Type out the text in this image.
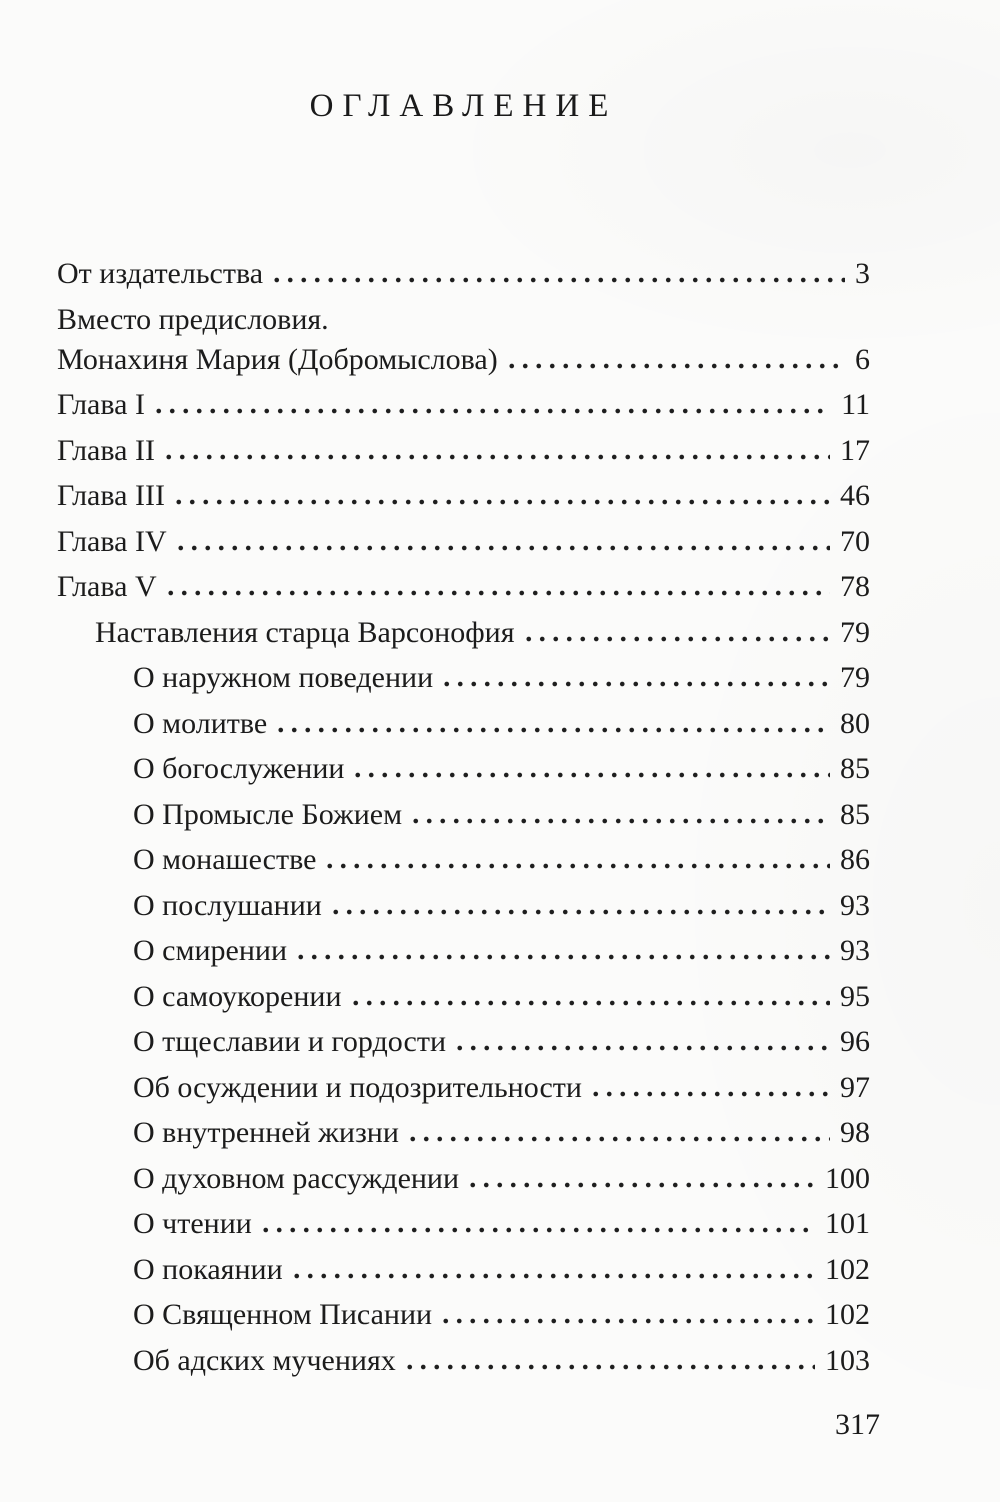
ОГЛАВЛЕНИЕ
От издательства	3
Вместо предисловия.
Монахиня Мария (Добромыслова)	6
Глава I	11
Глава II	17
Глава III	46
Глава IV	70
Глава V	78
Наставления старца Варсонофия	79
О наружном поведении	79
О молитве	80
О богослужении	85
О Промысле Божием	85
О монашестве	86
О послушании	93
О смирении	93
О самоукорении	95
О тщеславии и гордости	96
Об осуждении и подозрительности	97
О внутренней жизни	98
О духовном рассуждении	100
О чтении	101
О покаянии	102
О Священном Писании	102
Об адских мучениях	103
317
